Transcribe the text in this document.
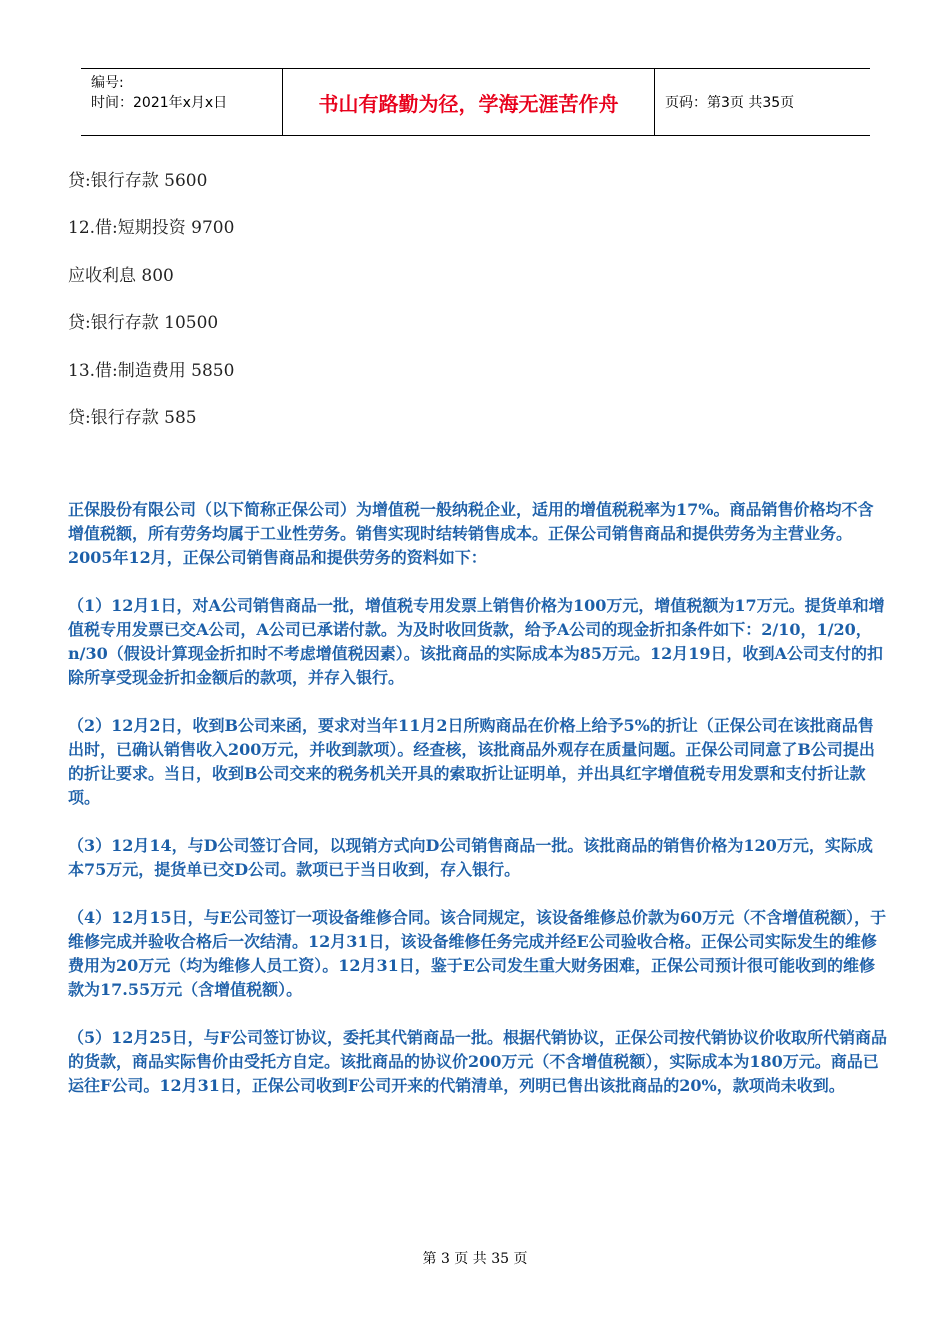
编号:
时间：2021年x月x日	书山有路勤为径，学海无涯苦作舟	页码：第3页 共35页
贷:银行存款 5600
12.借:短期投资 9700
应收利息 800
贷:银行存款 10500
13.借:制造费用 5850
贷:银行存款 585

正保股份有限公司（以下简称正保公司）为增值税一般纳税企业，适用的增值税税率为17%。商品销售价格均不含增值税额，所有劳务均属于工业性劳务。销售实现时结转销售成本。正保公司销售商品和提供劳务为主营业务。2005年12月，正保公司销售商品和提供劳务的资料如下：

（1）12月1日，对A公司销售商品一批，增值税专用发票上销售价格为100万元，增值税额为17万元。提货单和增值税专用发票已交A公司，A公司已承诺付款。为及时收回货款，给予A公司的现金折扣条件如下：2/10，1/20，n/30（假设计算现金折扣时不考虑增值税因素）。该批商品的实际成本为85万元。12月19日，收到A公司支付的扣除所享受现金折扣金额后的款项，并存入银行。

（2）12月2日，收到B公司来函，要求对当年11月2日所购商品在价格上给予5%的折让（正保公司在该批商品售出时，已确认销售收入200万元，并收到款项）。经查核，该批商品外观存在质量问题。正保公司同意了B公司提出的折让要求。当日，收到B公司交来的税务机关开具的索取折让证明单，并出具红字增值税专用发票和支付折让款项。

（3）12月14，与D公司签订合同，以现销方式向D公司销售商品一批。该批商品的销售价格为120万元，实际成本75万元，提货单已交D公司。款项已于当日收到，存入银行。

（4）12月15日，与E公司签订一项设备维修合同。该合同规定，该设备维修总价款为60万元（不含增值税额），于维修完成并验收合格后一次结清。12月31日，该设备维修任务完成并经E公司验收合格。正保公司实际发生的维修费用为20万元（均为维修人员工资）。12月31日，鉴于E公司发生重大财务困难，正保公司预计很可能收到的维修款为17.55万元（含增值税额）。

（5）12月25日，与F公司签订协议，委托其代销商品一批。根据代销协议，正保公司按代销协议价收取所代销商品的货款，商品实际售价由受托方自定。该批商品的协议价200万元（不含增值税额），实际成本为180万元。商品已运往F公司。12月31日，正保公司收到F公司开来的代销清单，列明已售出该批商品的20%，款项尚未收到。

第 3 页 共 35 页
